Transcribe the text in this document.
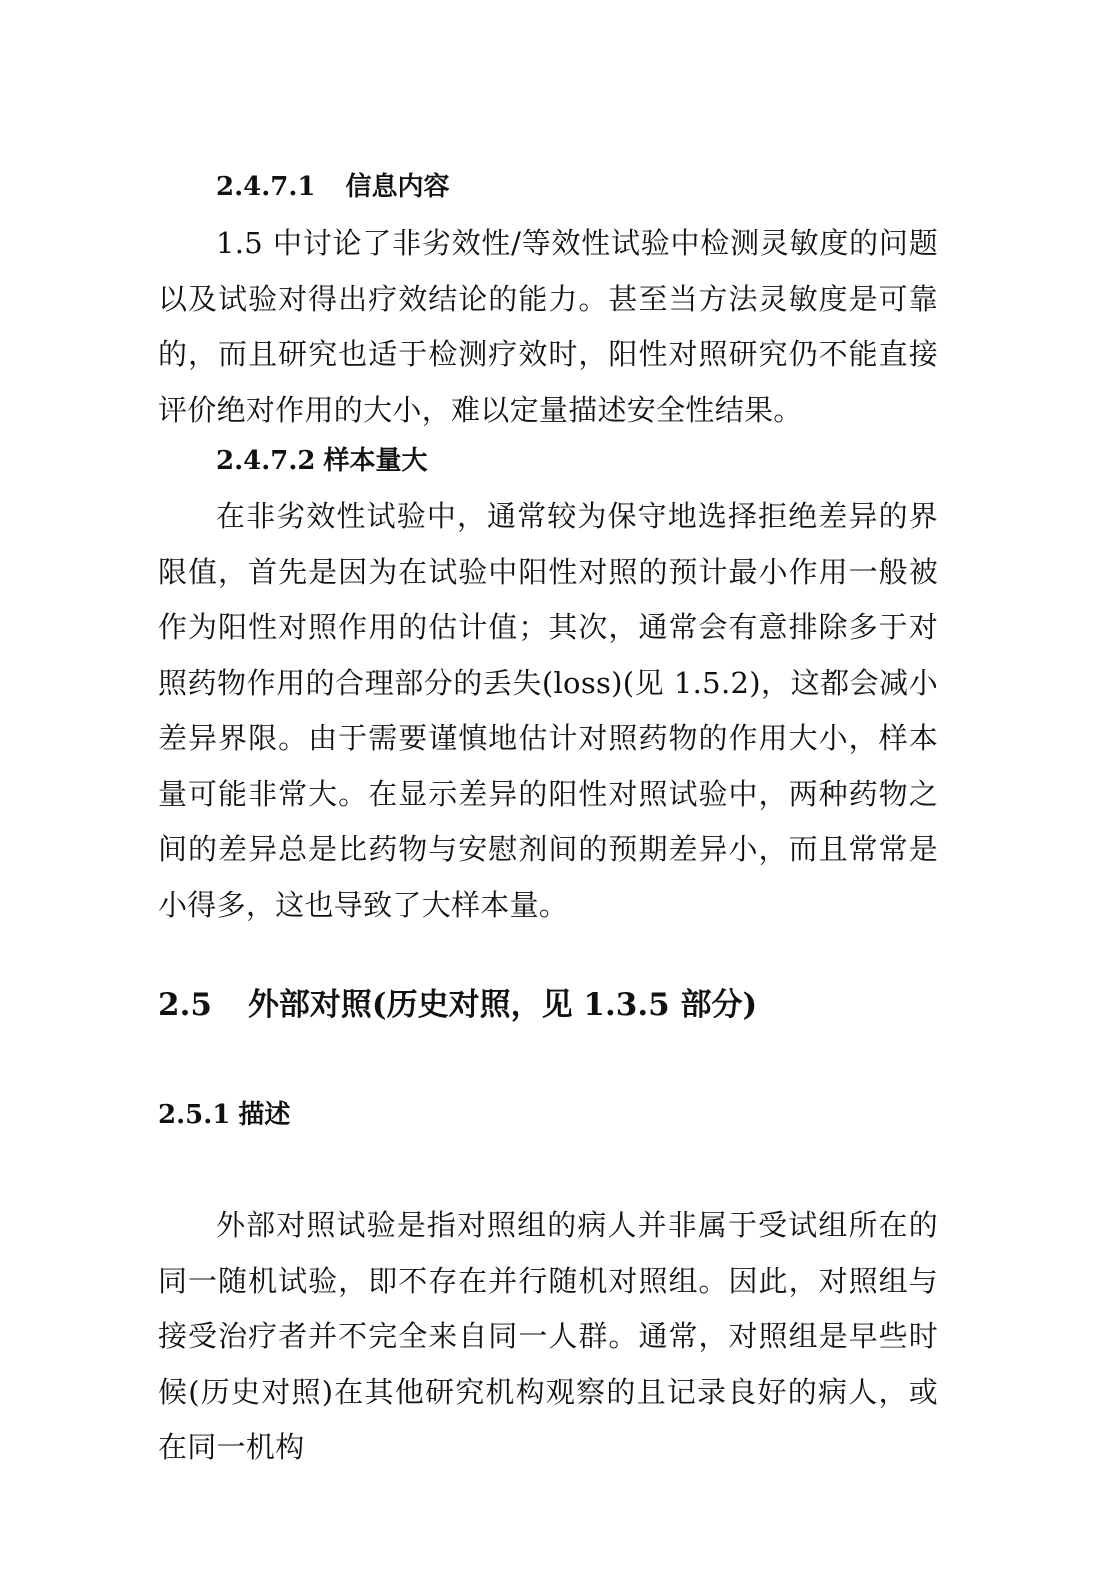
2.4.7.1 信息内容

1.5 中讨论了非劣效性/等效性试验中检测灵敏度的问题以及试验对得出疗效结论的能力。甚至当方法灵敏度是可靠的，而且研究也适于检测疗效时，阳性对照研究仍不能直接评价绝对作用的大小，难以定量描述安全性结果。

2.4.7.2 样本量大

在非劣效性试验中，通常较为保守地选择拒绝差异的界限值，首先是因为在试验中阳性对照的预计最小作用一般被作为阳性对照作用的估计值；其次，通常会有意排除多于对照药物作用的合理部分的丢失(loss)(见 1.5.2)，这都会减小差异界限。由于需要谨慎地估计对照药物的作用大小，样本量可能非常大。在显示差异的阳性对照试验中，两种药物之间的差异总是比药物与安慰剂间的预期差异小，而且常常是小得多，这也导致了大样本量。

2.5 外部对照(历史对照，见 1.3.5 部分)
2.5.1 描述

外部对照试验是指对照组的病人并非属于受试组所在的同一随机试验，即不存在并行随机对照组。因此，对照组与接受治疗者并不完全来自同一人群。通常，对照组是早些时候(历史对照)在其他研究机构观察的且记录良好的病人，或在同一机构
